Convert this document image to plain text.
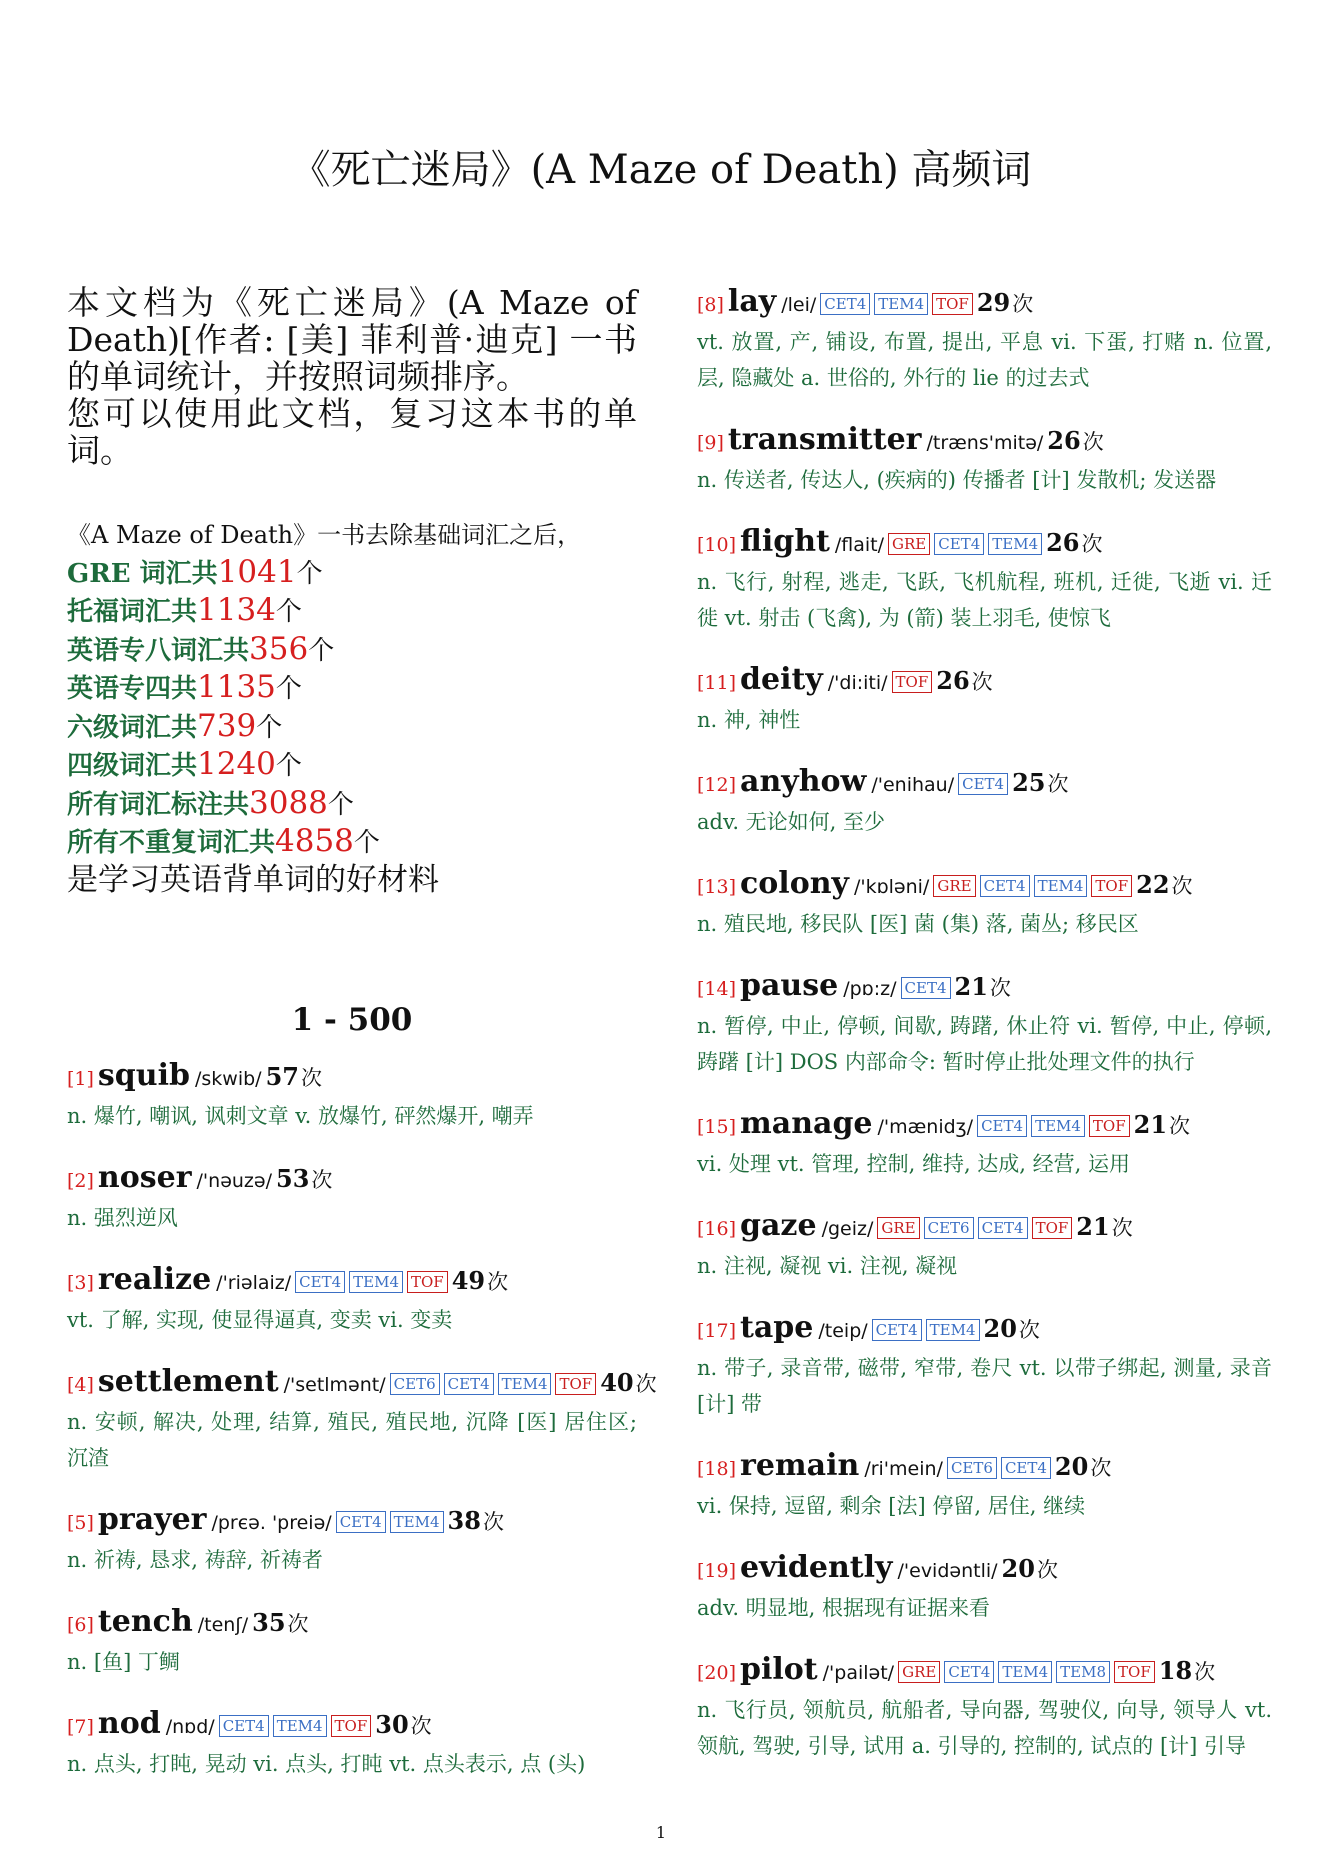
《死亡迷局》(A Maze of Death) 高频词

本文档为《死亡迷局》(A Maze of Death)[作者: [美] 菲利普·迪克] 一书的单词统计，并按照词频排序。

您可以使用此文档，复习这本书的单词。

《A Maze of Death》一书去除基础词汇之后，
GRE 词汇共1041个
托福词汇共1134个
英语专八词汇共356个
英语专四共1135个
六级词汇共739个
四级词汇共1240个
所有词汇标注共3088个
所有不重复词汇共4858个
是学习英语背单词的好材料
1 - 500
[1] squib /skwib/ 57次
n. 爆竹, 嘲讽, 讽刺文章 v. 放爆竹, 砰然爆开, 嘲弄
[2] noser /'nəuzə/ 53次
n. 强烈逆风
[3] realize /'riəlaiz/ CET4 TEM4 TOF 49次
vt. 了解, 实现, 使显得逼真, 变卖 vi. 变卖
[4] settlement /'setlmənt/ CET6 CET4 TEM4 TOF 40次
n. 安顿, 解决, 处理, 结算, 殖民, 殖民地, 沉降 [医] 居住区; 沉渣
[5] prayer /prєə. 'preiə/ CET4 TEM4 38次
n. 祈祷, 恳求, 祷辞, 祈祷者
[6] tench /tenʃ/ 35次
n. [鱼] 丁鲷
[7] nod /nɒd/ CET4 TEM4 TOF 30次
n. 点头, 打盹, 晃动 vi. 点头, 打盹 vt. 点头表示, 点 (头)
[8] lay /lei/ CET4 TEM4 TOF 29次
vt. 放置, 产, 铺设, 布置, 提出, 平息 vi. 下蛋, 打赌 n. 位置, 层, 隐藏处 a. 世俗的, 外行的 lie 的过去式
[9] transmitter /træns'mitə/ 26次
n. 传送者, 传达人, (疾病的) 传播者 [计] 发散机; 发送器
[10] flight /flait/ GRE CET4 TEM4 26次
n. 飞行, 射程, 逃走, 飞跃, 飞机航程, 班机, 迁徙, 飞逝 vi. 迁徙 vt. 射击 (飞禽), 为 (箭) 装上羽毛, 使惊飞
[11] deity /'di:iti/ TOF 26次
n. 神, 神性
[12] anyhow /'enihau/ CET4 25次
adv. 无论如何, 至少
[13] colony /'kɒləni/ GRE CET4 TEM4 TOF 22次
n. 殖民地, 移民队 [医] 菌 (集) 落, 菌丛; 移民区
[14] pause /pɒ:z/ CET4 21次
n. 暂停, 中止, 停顿, 间歇, 踌躇, 休止符 vi. 暂停, 中止, 停顿, 踌躇 [计] DOS 内部命令: 暂时停止批处理文件的执行
[15] manage /'mænidʒ/ CET4 TEM4 TOF 21次
vi. 处理 vt. 管理, 控制, 维持, 达成, 经营, 运用
[16] gaze /geiz/ GRE CET6 CET4 TOF 21次
n. 注视, 凝视 vi. 注视, 凝视
[17] tape /teip/ CET4 TEM4 20次
n. 带子, 录音带, 磁带, 窄带, 卷尺 vt. 以带子绑起, 测量, 录音 [计] 带
[18] remain /ri'mein/ CET6 CET4 20次
vi. 保持, 逗留, 剩余 [法] 停留, 居住, 继续
[19] evidently /'evidəntli/ 20次
adv. 明显地, 根据现有证据来看
[20] pilot /'pailət/ GRE CET4 TEM4 TEM8 TOF 18次
n. 飞行员, 领航员, 航船者, 导向器, 驾驶仪, 向导, 领导人 vt. 领航, 驾驶, 引导, 试用 a. 引导的, 控制的, 试点的 [计] 引导
1
